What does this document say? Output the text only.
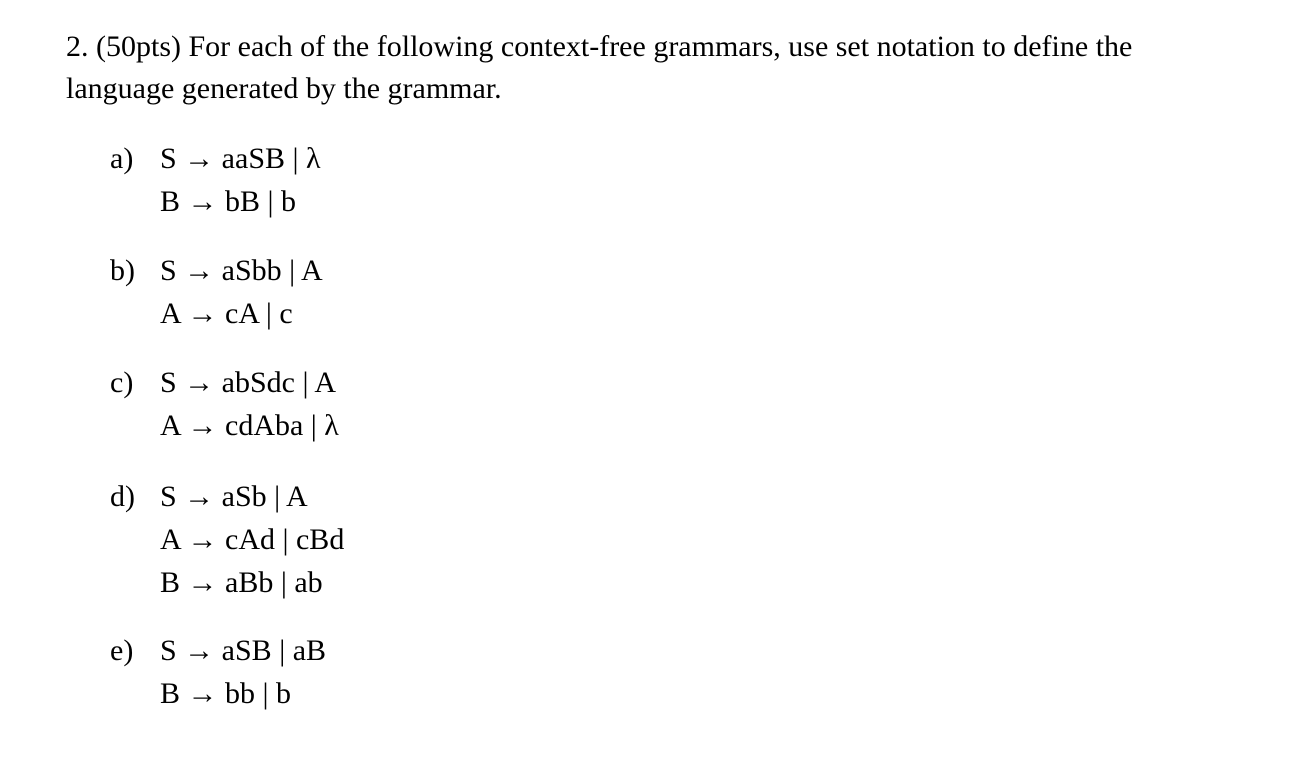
2. (50pts) For each of the following context-free grammars, use set notation to define the language generated by the grammar.

a) S → aaSB | λ
B → bB | b
b) S → aSbb | A
A → cA | c
c) S → abSdc | A
A → cdAba | λ
d) S → aSb | A
A → cAd | cBd
B → aBb | ab
e) S → aSB | aB
B → bb | b
